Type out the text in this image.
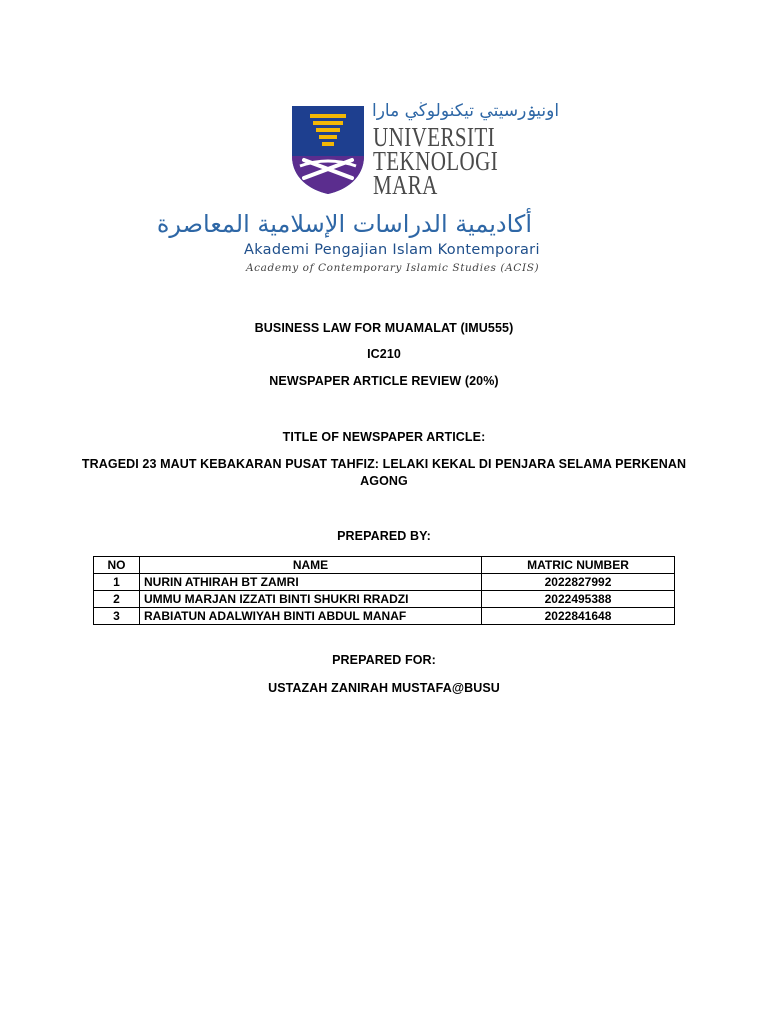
اونيۏرسيتي تيكنولوڬي مارا
UNIVERSITI
TEKNOLOGI
MARA
أكاديمية الدراسات الإسلامية المعاصرة
Akademi Pengajian Islam Kontemporari
Academy of Contemporary Islamic Studies (ACIS)
BUSINESS LAW FOR MUAMALAT (IMU555)
IC210
NEWSPAPER ARTICLE REVIEW (20%)
TITLE OF NEWSPAPER ARTICLE:
TRAGEDI 23 MAUT KEBAKARAN PUSAT TAHFIZ: LELAKI KEKAL DI PENJARA SELAMA PERKENAN
AGONG
PREPARED BY:
NO	NAME	MATRIC NUMBER
1	NURIN ATHIRAH BT ZAMRI	2022827992
2	UMMU MARJAN IZZATI BINTI SHUKRI RRADZI	2022495388
3	RABIATUN ADALWIYAH BINTI ABDUL MANAF	2022841648
PREPARED FOR:
USTAZAH ZANIRAH MUSTAFA@BUSU
